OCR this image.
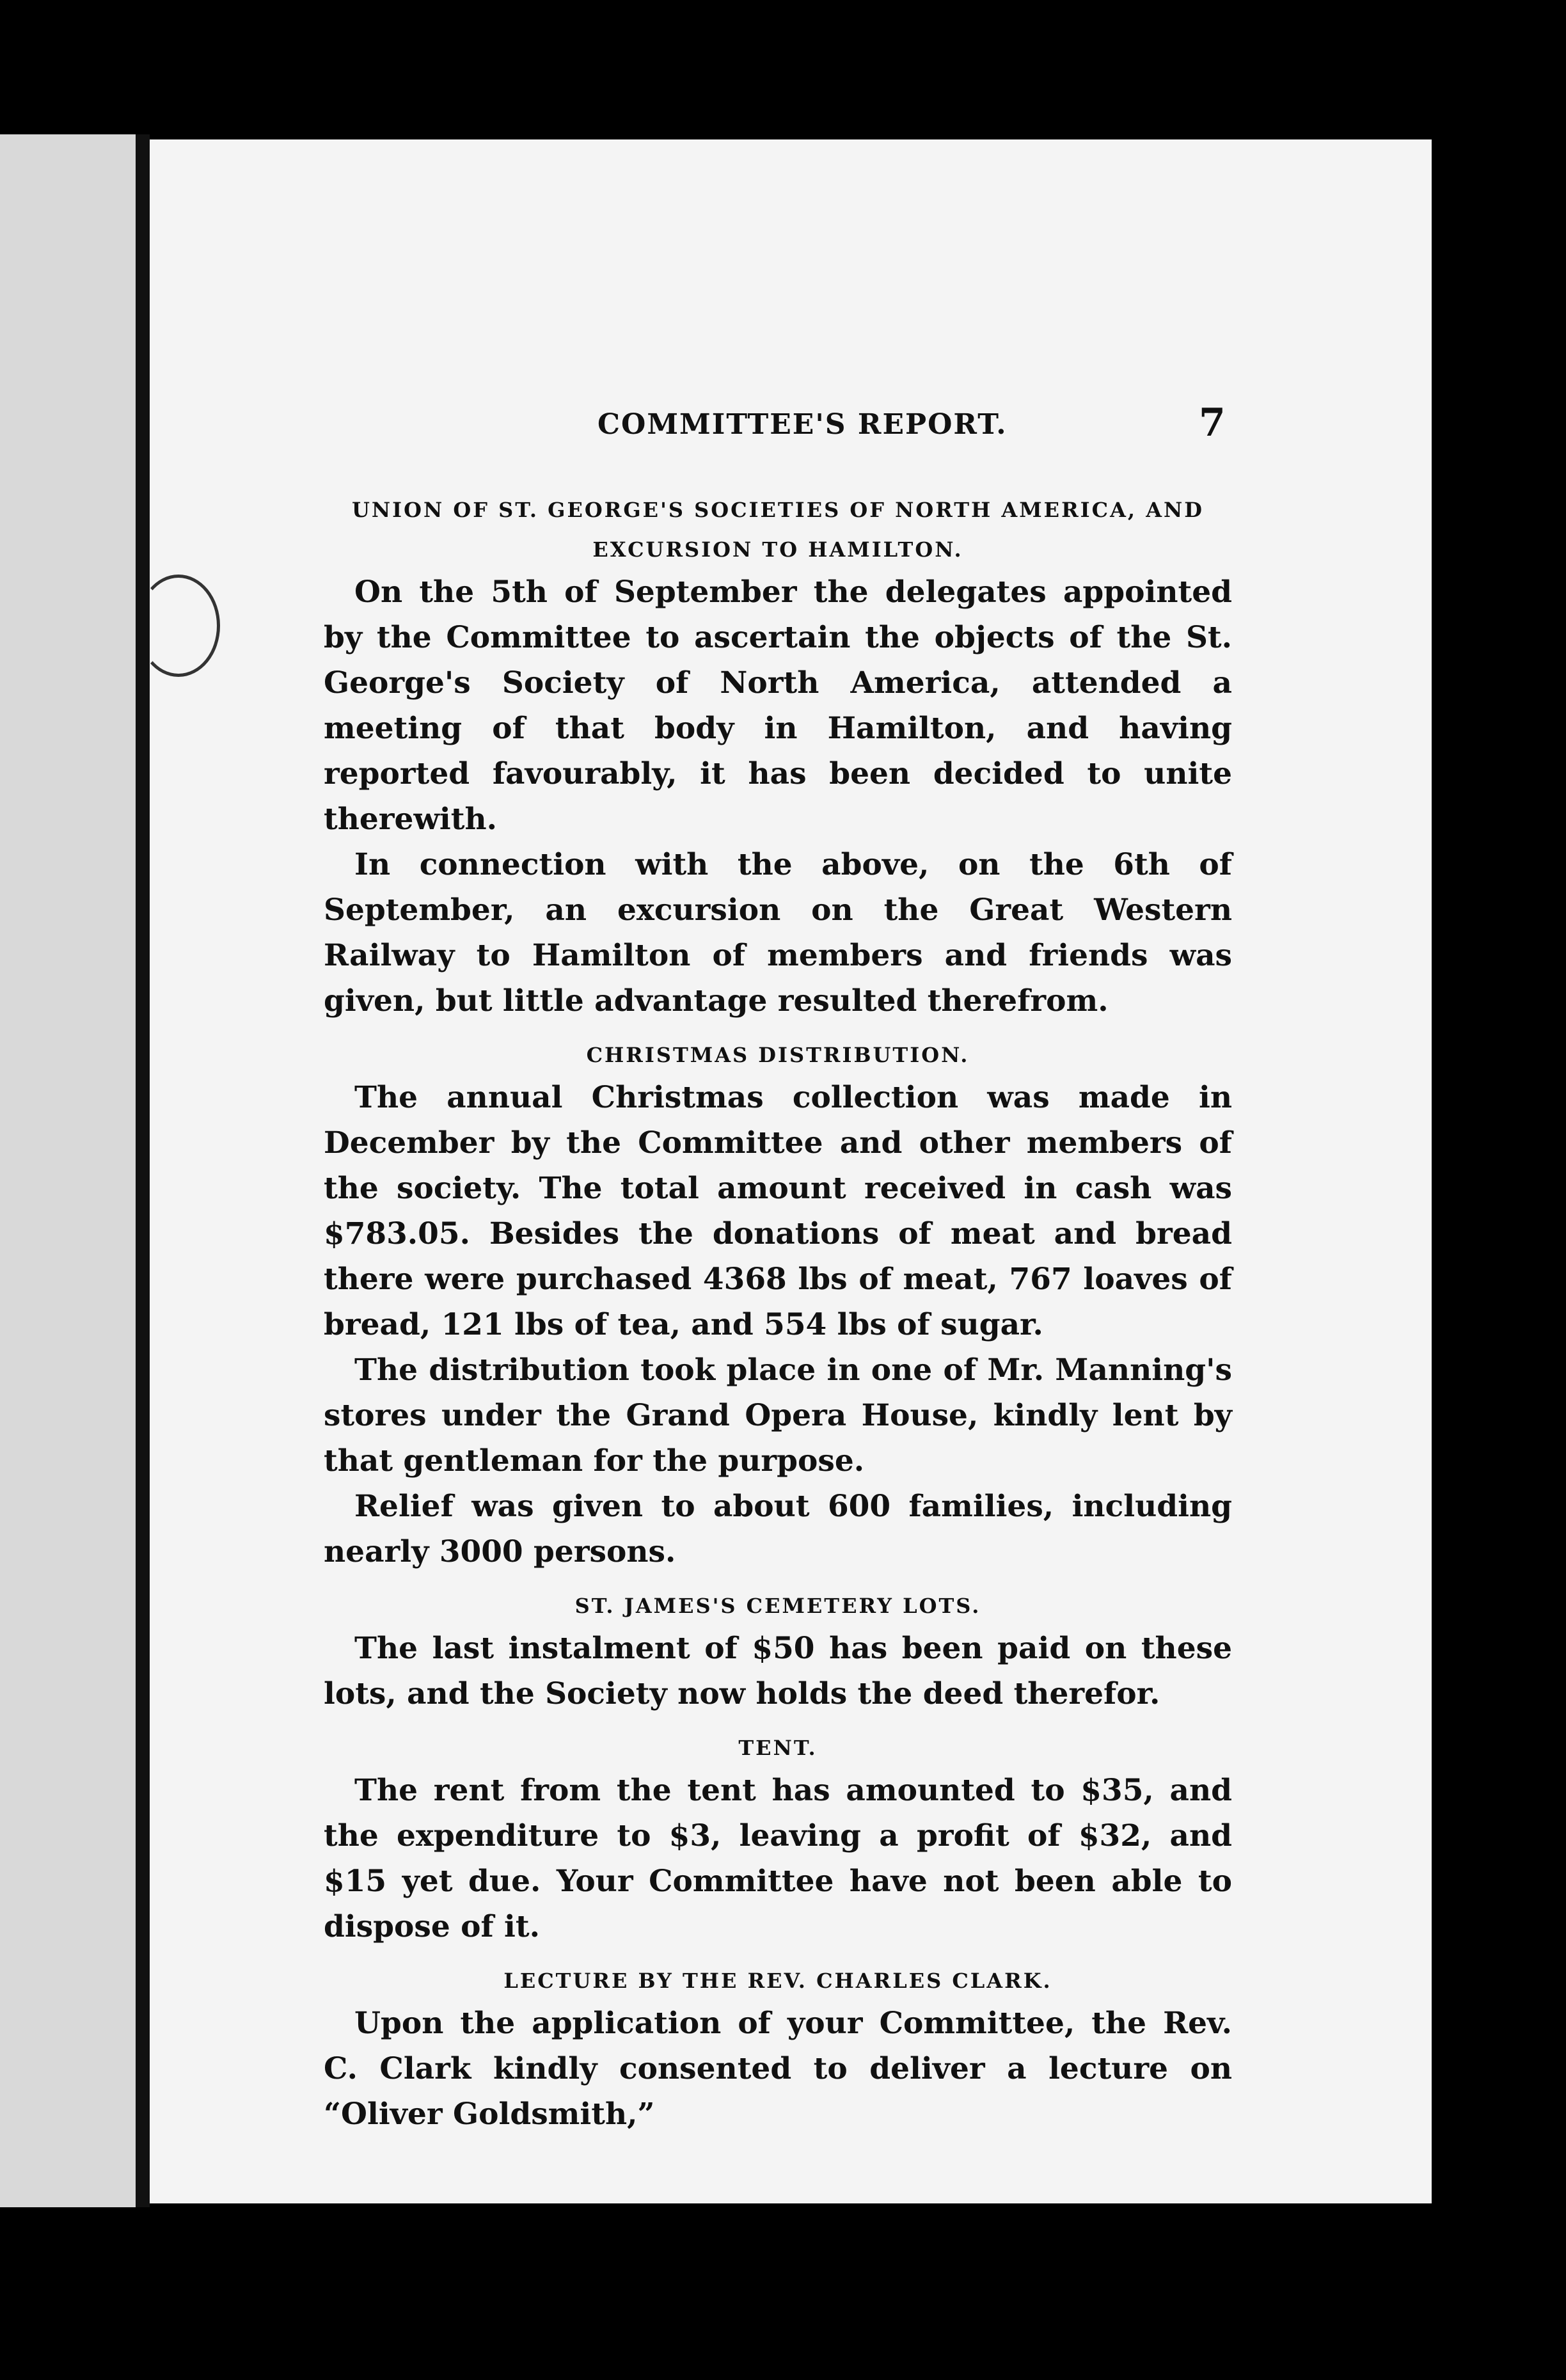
COMMITTEE'S REPORT.	7
UNION OF ST. GEORGE'S SOCIETIES OF NORTH AMERICA, AND
EXCURSION TO HAMILTON.

On the 5th of September the delegates appointed by the Committee to ascertain the objects of the St. George's Society of North America, attended a meeting of that body in Hamilton, and having reported favourably, it has been decided to unite therewith.

In connection with the above, on the 6th of September, an excursion on the Great Western Railway to Hamilton of members and friends was given, but little advantage resulted therefrom.

CHRISTMAS DISTRIBUTION.

The annual Christmas collection was made in December by the Committee and other members of the society. The total amount received in cash was $783.05. Besides the donations of meat and bread there were purchased 4368 lbs of meat, 767 loaves of bread, 121 lbs of tea, and 554 lbs of sugar.

The distribution took place in one of Mr. Manning's stores under the Grand Opera House, kindly lent by that gentleman for the purpose.

Relief was given to about 600 families, including nearly 3000 persons.

ST. JAMES'S CEMETERY LOTS.

The last instalment of $50 has been paid on these lots, and the Society now holds the deed therefor.

TENT.

The rent from the tent has amounted to $35, and the expenditure to $3, leaving a profit of $32, and $15 yet due. Your Committee have not been able to dispose of it.

LECTURE BY THE REV. CHARLES CLARK.

Upon the application of your Committee, the Rev. C. Clark kindly consented to deliver a lecture on “Oliver Goldsmith,”
